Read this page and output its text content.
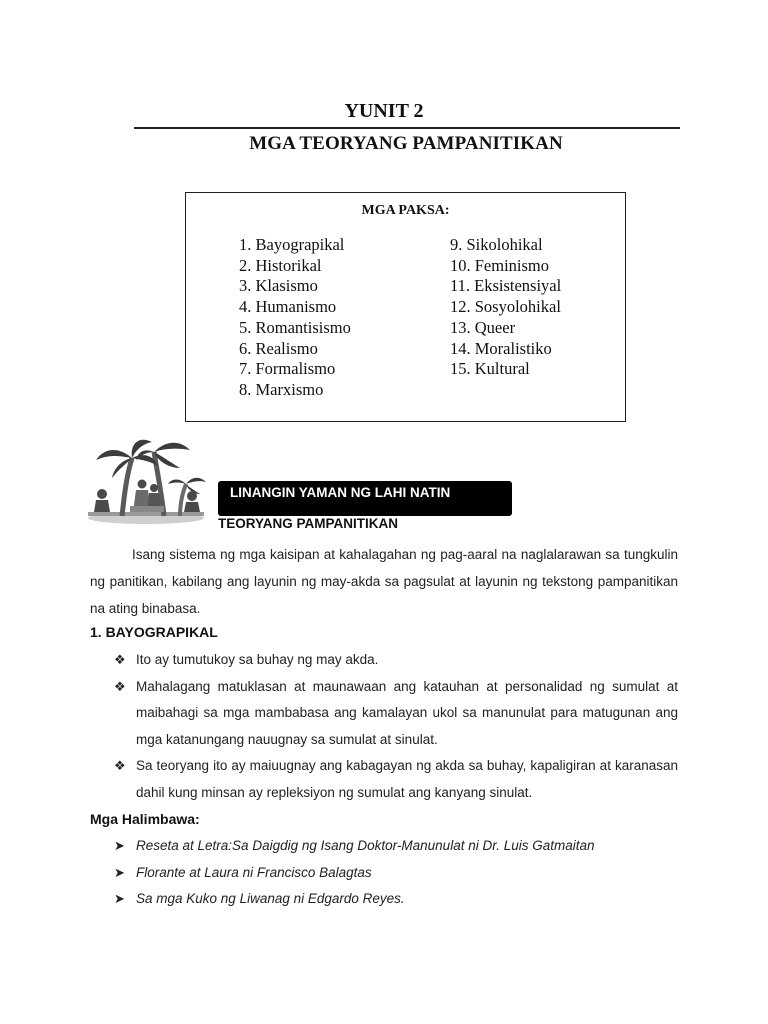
YUNIT 2
MGA TEORYANG PAMPANITIKAN
MGA PAKSA:
1. Bayograpikal
2. Historikal
3. Klasismo
4. Humanismo
5. Romantisismo
6. Realismo
7. Formalismo
8. Marxismo
9. Sikolohikal
10. Feminismo
11. Eksistensiyal
12. Sosyolohikal
13. Queer
14. Moralistiko
15. Kultural
LINANGIN YAMAN NG LAHI NATIN
TEORYANG PAMPANITIKAN
Isang sistema ng mga kaisipan at kahalagahan ng pag-aaral na naglalarawan sa tungkulin ng panitikan, kabilang ang layunin ng may-akda sa pagsulat at layunin ng tekstong pampanitikan na ating binabasa.
1. BAYOGRAPIKAL
❖ Ito ay tumutukoy sa buhay ng may akda.
❖ Mahalagang matuklasan at maunawaan ang katauhan at personalidad ng sumulat at maibahagi sa mga mambabasa ang kamalayan ukol sa manunulat para matugunan ang mga katanungang nauugnay sa sumulat at sinulat.
❖ Sa teoryang ito ay maiuugnay ang kabagayan ng akda sa buhay, kapaligiran at karanasan dahil kung minsan ay repleksiyon ng sumulat ang kanyang sinulat.
Mga Halimbawa:
➤ Reseta at Letra:Sa Daigdig ng Isang Doktor-Manunulat ni Dr. Luis Gatmaitan
➤ Florante at Laura ni Francisco Balagtas
➤ Sa mga Kuko ng Liwanag ni Edgardo Reyes.
